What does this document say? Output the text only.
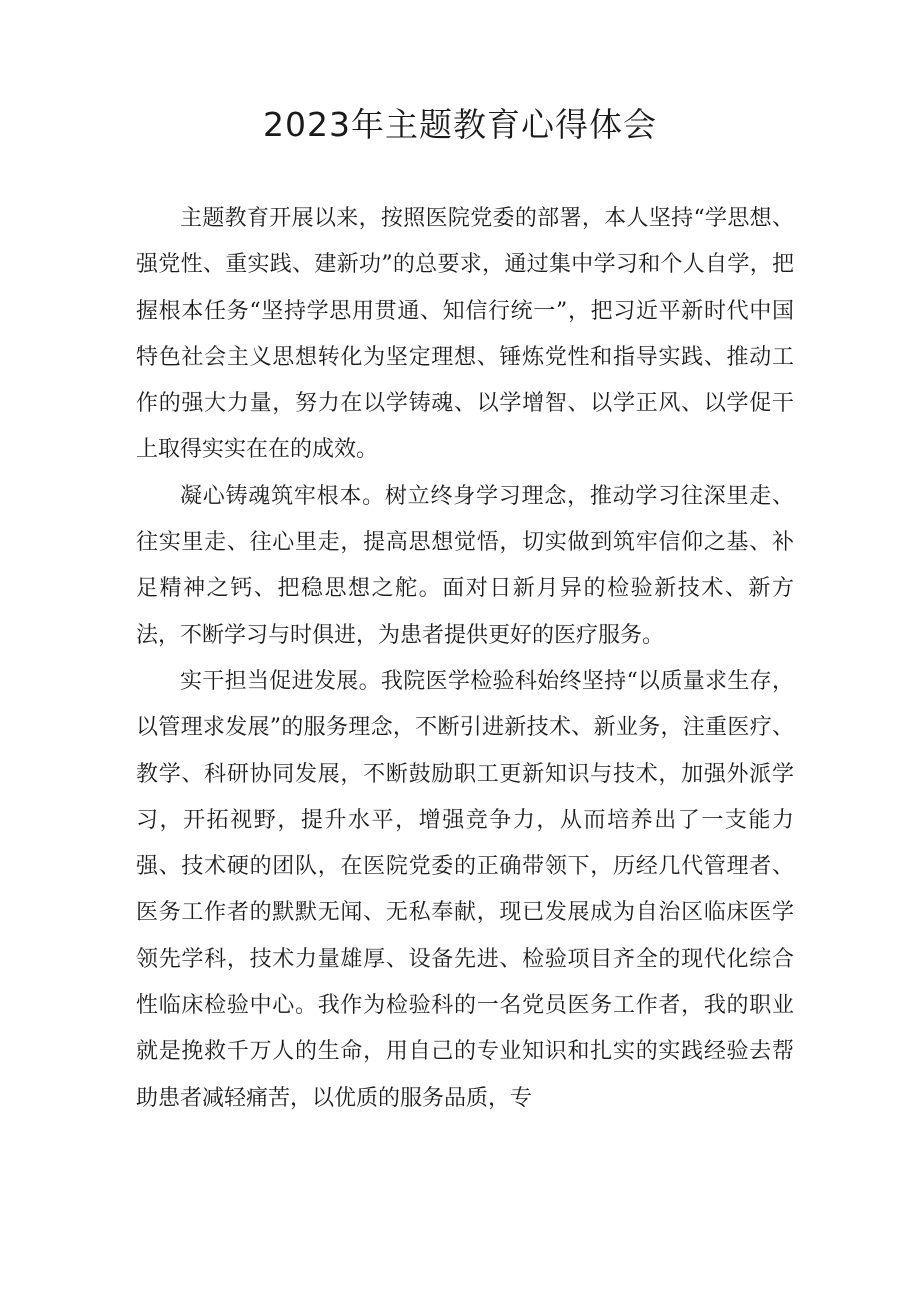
2023年主题教育心得体会

主题教育开展以来，按照医院党委的部署，本人坚持“学思想、强党性、重实践、建新功”的总要求，通过集中学习和个人自学，把握根本任务“坚持学思用贯通、知信行统一”，把习近平新时代中国特色社会主义思想转化为坚定理想、锤炼党性和指导实践、推动工作的强大力量，努力在以学铸魂、以学增智、以学正风、以学促干上取得实实在在的成效。

凝心铸魂筑牢根本。树立终身学习理念，推动学习往深里走、往实里走、往心里走，提高思想觉悟，切实做到筑牢信仰之基、补足精神之钙、把稳思想之舵。面对日新月异的检验新技术、新方法，不断学习与时俱进，为患者提供更好的医疗服务。

实干担当促进发展。我院医学检验科始终坚持“以质量求生存，以管理求发展”的服务理念，不断引进新技术、新业务，注重医疗、教学、科研协同发展，不断鼓励职工更新知识与技术，加强外派学习，开拓视野，提升水平，增强竞争力，从而培养出了一支能力强、技术硬的团队，在医院党委的正确带领下，历经几代管理者、医务工作者的默默无闻、无私奉献，现已发展成为自治区临床医学领先学科，技术力量雄厚、设备先进、检验项目齐全的现代化综合性临床检验中心。我作为检验科的一名党员医务工作者，我的职业就是挽救千万人的生命，用自己的专业知识和扎实的实践经验去帮助患者减轻痛苦，以优质的服务品质，专
